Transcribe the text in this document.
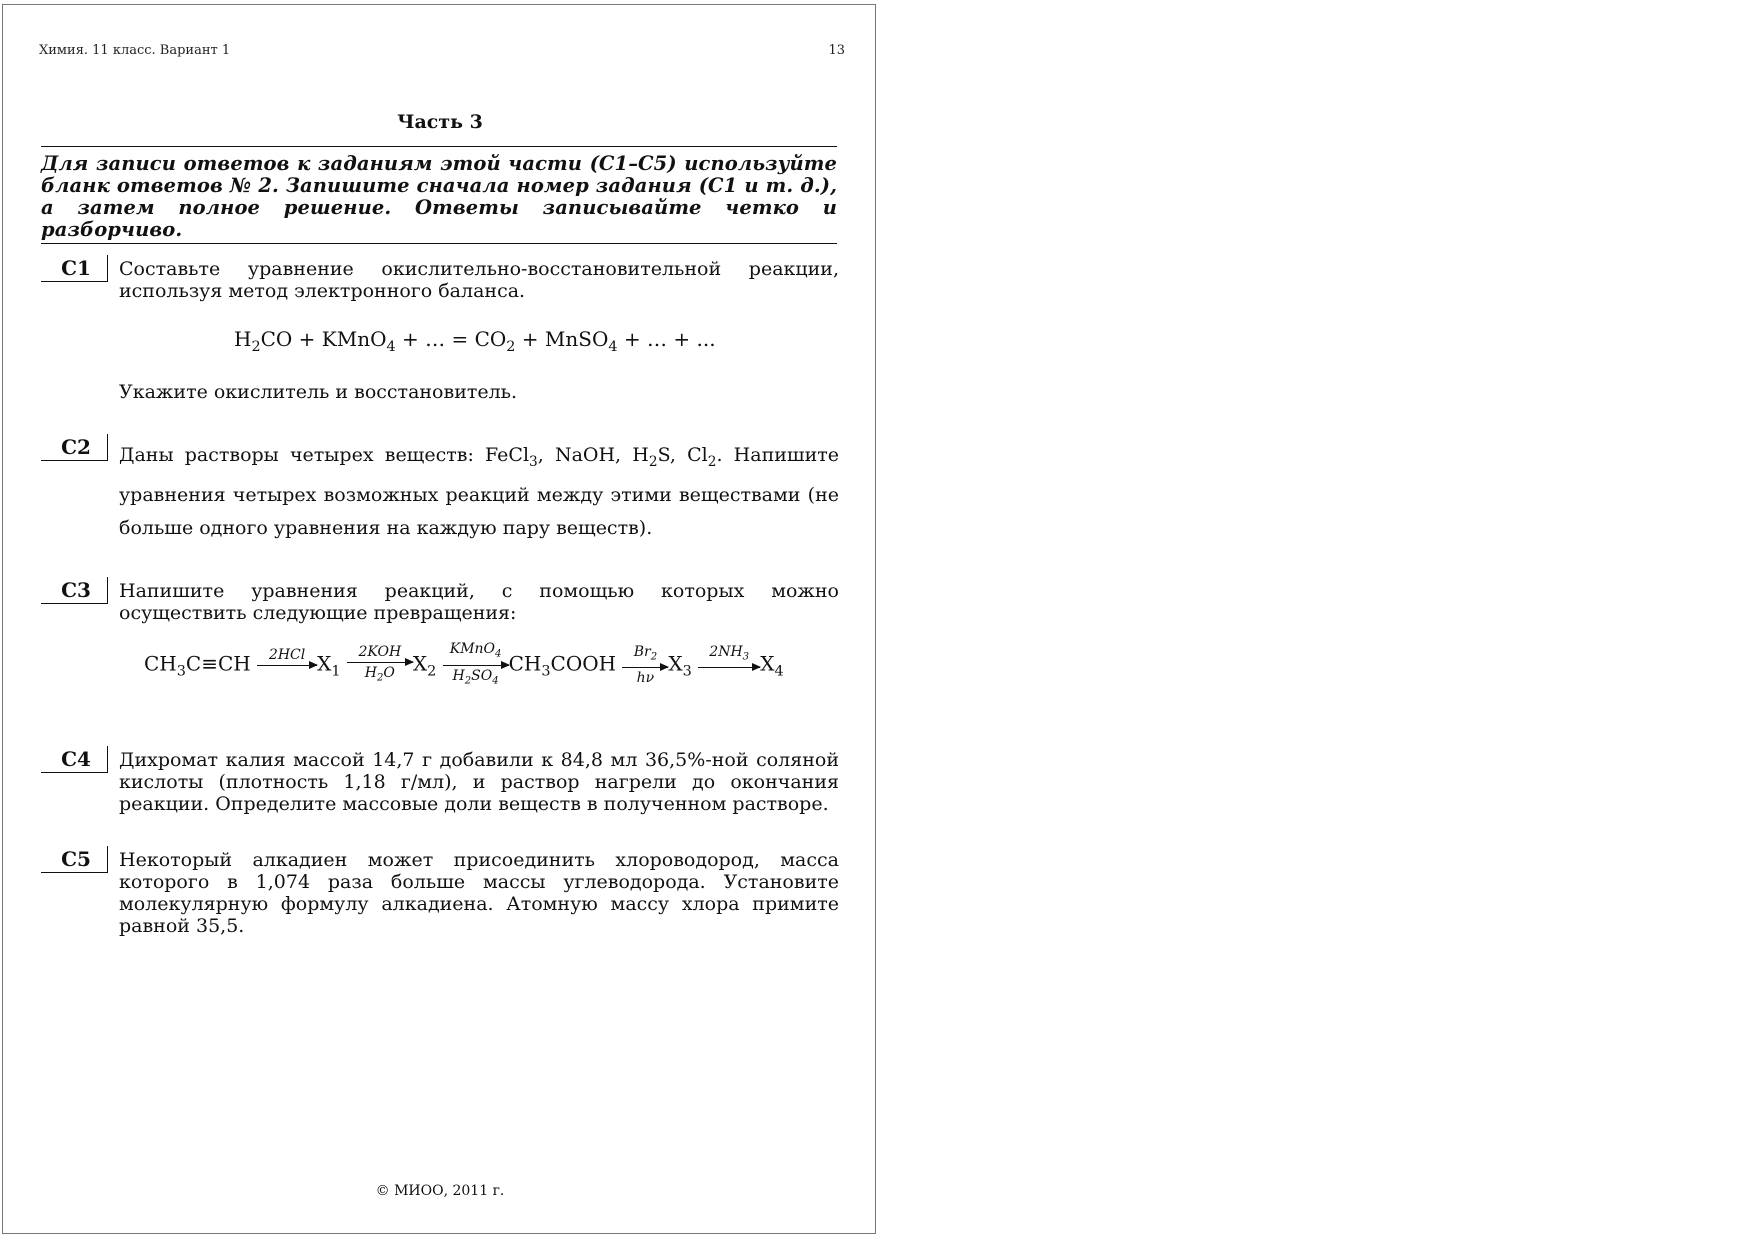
Химия. 11 класс. Вариант 1	13
Часть 3
Для записи ответов к заданиям этой части (С1–С5) используйте
бланк ответов № 2. Запишите сначала номер задания (С1 и т. д.),
а затем полное решение. Ответы записывайте четко и
разборчиво.
С1	Составьте уравнение окислительно-восстановительной реакции, используя метод электронного баланса.
$H_2CO$ + KMnO$_4$ + … = $CO_2$ + MnSO$_4$ + … + ...
Укажите окислитель и восстановитель.
С2	Даны растворы четырех веществ: FeCl$_3$, NaOH, $H_2S$, $Cl_2$. Напишите уравнения четырех возможных реакций между этими веществами (не больше одного уравнения на каждую пару веществ).
С3	Напишите уравнения реакций, с помощью которых можно осуществить следующие превращения:
$CH_3C\equiv CH$	2HCl
$X_1$
2KOH
$H_2O$ $X_2$
KMnO$_4$
$H_2SO_4$
$CH_3COOH \frac{Br_2}{h\nu} X_3$
$2NH_3$
$X_4$
С4	Дихромат калия массой 14,7 г добавили к 84,8 мл 36,5%-ной соляной кислоты (плотность 1,18 г/мл), и раствор нагрели до окончания реакции. Определите массовые доли веществ в полученном растворе.
С5	Некоторый алкадиен может присоединить хлороводород, масса которого в 1,074 раза больше массы углеводорода. Установите молекулярную формулу алкадиена. Атомную массу хлора примите равной 35,5.
© МИОО, 2011 г.
